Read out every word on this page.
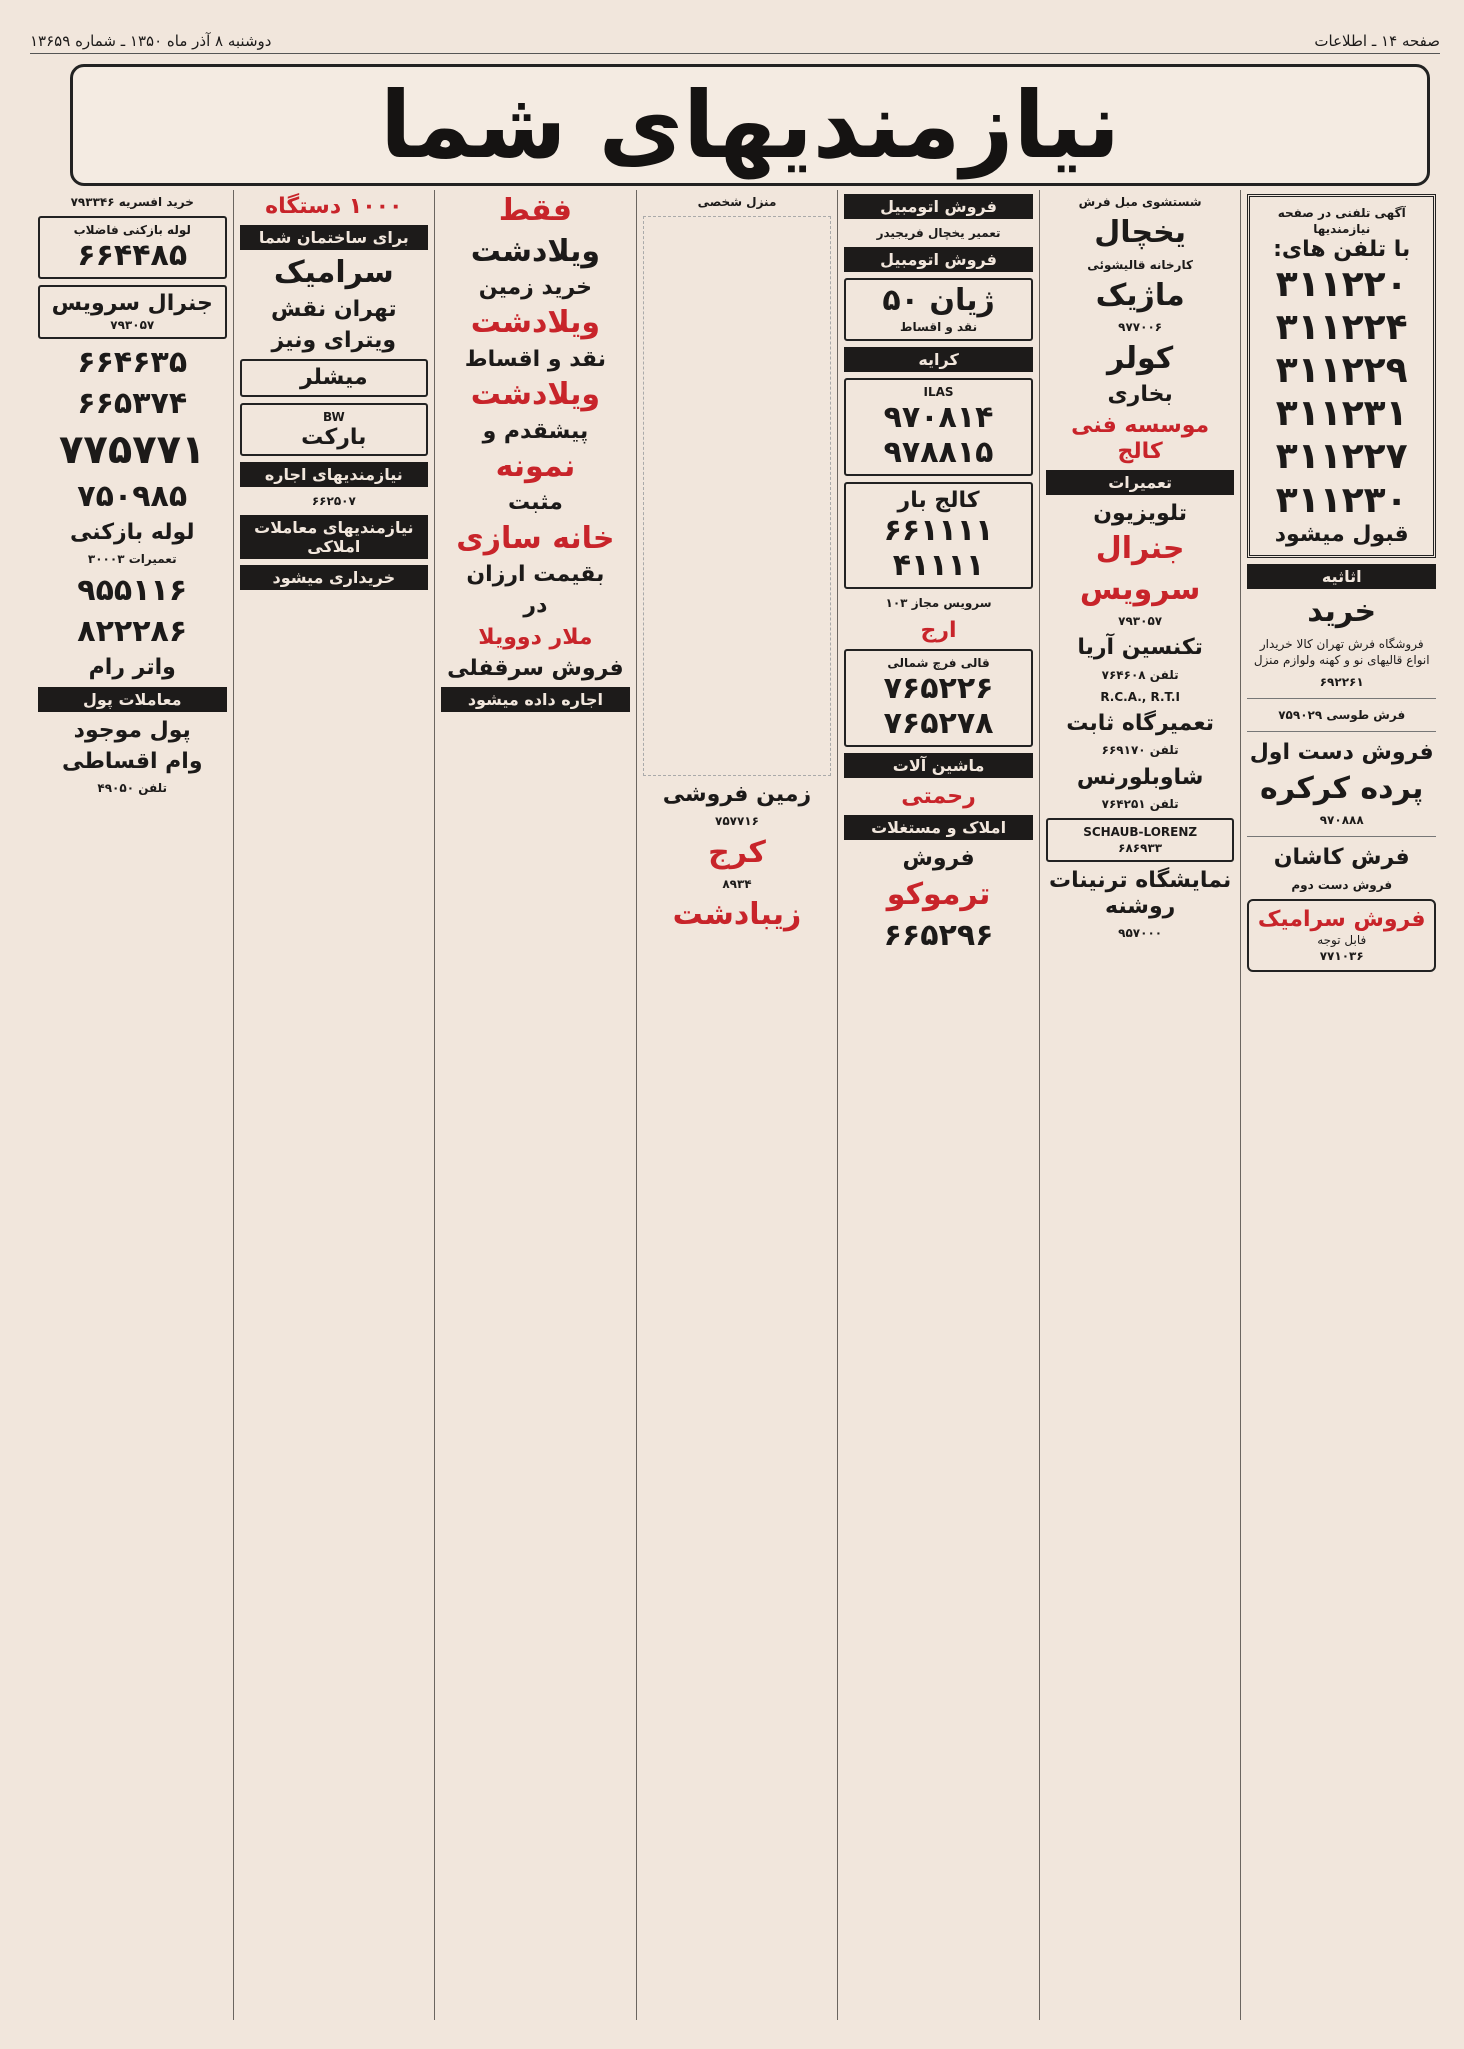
صفحه ۱۴ ـ اطلاعات
دوشنبه ۸ آذر ماه ۱۳۵۰ ـ شماره ۱۳۶۵۹
نیازمندیهای شما
آگهی تلفنی در صفحه نیازمندیها
با تلفن های:
۳۱۱۲۲۰
۳۱۱۲۲۴
۳۱۱۲۲۹
۳۱۱۲۳۱
۳۱۱۲۲۷
۳۱۱۲۳۰
قبول میشود
اثاثیه
خرید
فروشگاه فرش تهران کالا خریدار انواع قالیهای نو و کهنه ولوازم منزل
۶۹۲۲۶۱
فرش طوسی ۷۵۹۰۲۹
فروش دست اول
پرده کرکره
۹۷۰۸۸۸
فرش کاشان
فروش دست دوم
فروش سرامیک
فابل توجه
۷۷۱۰۳۶
شستشوی مبل فرش
یخچال
کارخانه قالیشوئی
ماژیک
۹۷۷۰۰۶
کولر
بخاری
موسسه فنی کالج
تعمیرات
تلویزیون
جنرال
سرویس
۷۹۳۰۵۷
تکنسین آریا
تلفن ۷۶۴۶۰۸
R.C.A., R.T.I
تعمیرگاه ثابت
تلفن ۶۶۹۱۷۰
شاوبلورنس
تلفن ۷۶۴۲۵۱
SCHAUB-LORENZ
۶۸۶۹۳۳
نمایشگاه ترنینات روشنه
۹۵۷۰۰۰
فروش اتومبیل
تعمیر یخچال فریجیدر
فروش اتومبیل
ژیان ۵۰
نقد و اقساط
کرایه
ILAS
۹۷۰۸۱۴
۹۷۸۸۱۵
کالج بار
۶۶۱۱۱۱
۴۱۱۱۱
سرویس مجاز ۱۰۳
ارج
قالی فرچ شمالی
۷۶۵۲۲۶
۷۶۵۲۷۸
ماشین آلات
رحمتی
املاک و مستغلات
فروش
ترموکو
۶۶۵۲۹۶
منزل شخصی
زمین فروشی
۷۵۷۷۱۶
کرج
۸۹۳۴
زیبادشت
فقط
ویلادشت
خرید زمین
ویلادشت
نقد و اقساط
ویلادشت
پیشقدم و
نمونه
مثبت
خانه سازی
بقیمت ارزان
در
ملار دوویلا
فروش سرقفلی
اجاره داده میشود
۱۰۰۰ دستگاه
برای ساختمان شما
سرامیک
تهران نقش
ویترای ونیز
میشلر
BW
بارکت
نیازمندیهای اجاره
۶۶۲۵۰۷
نیازمندیهای معاملات املاکی
خریداری میشود
خرید افسریه ۷۹۳۳۴۶
لوله بازکنی فاضلاب
۶۶۴۴۸۵
جنرال سرویس
۷۹۳۰۵۷
۶۶۴۶۳۵
۶۶۵۳۷۴
۷۷۵۷۷۱
۷۵۰۹۸۵
لوله بازکنی
تعمیرات ۳۰۰۰۳
۹۵۵۱۱۶
۸۲۲۲۸۶
واتر رام
معاملات پول
پول موجود
وام اقساطی
تلفن ۴۹۰۵۰
